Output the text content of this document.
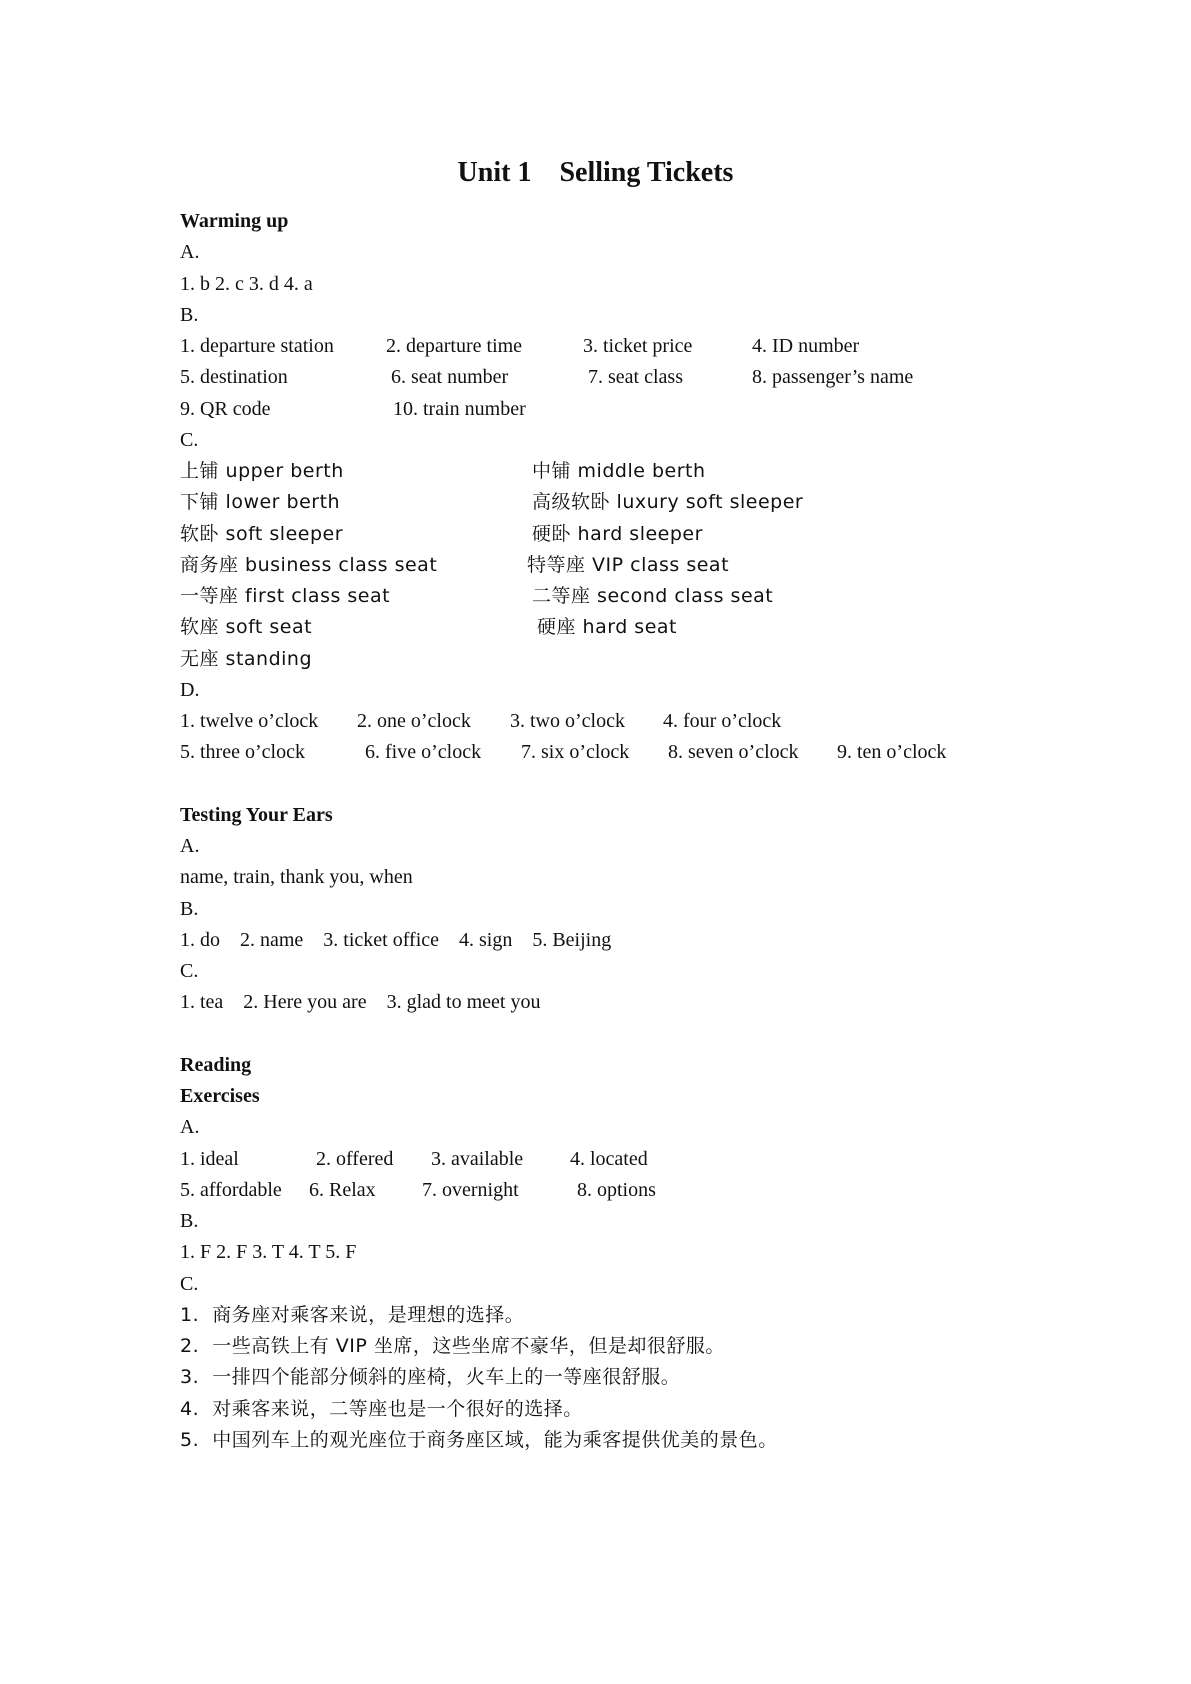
Unit 1    Selling Tickets
Warming up
A.
1. b 2. c 3. d 4. a
B.
1. departure station	2. departure time	3. ticket price	4. ID number
5. destination	6. seat number	7. seat class	8. passenger’s name
9. QR code	10. train number
C.
上铺 upper berth	中铺 middle berth
下铺 lower berth	高级软卧 luxury soft sleeper
软卧 soft sleeper	硬卧 hard sleeper
商务座 business class seat	特等座 VIP class seat
一等座 first class seat	二等座 second class seat
软座 soft seat	硬座 hard seat
无座 standing
D.
1. twelve o’clock 2. one o’clock 3. two o’clock 4. four o’clock
5. three o’clock	6. five o’clock 7. six o’clock 8. seven o’clock 9. ten o’clock
Testing Your Ears
A.
name, train, thank you, when
B.
1. do    2. name    3. ticket office    4. sign    5. Beijing
C.
1. tea    2. Here you are    3. glad to meet you
Reading
Exercises
A.
1. ideal	2. offered 3. available 4. located
5. affordable 6. Relax 7. overnight	8. options
B.
1. F 2. F 3. T 4. T 5. F
C.
1.  商务座对乘客来说，是理想的选择。
2.  一些高铁上有 VIP 坐席，这些坐席不豪华，但是却很舒服。
3.  一排四个能部分倾斜的座椅，火车上的一等座很舒服。
4.  对乘客来说，二等座也是一个很好的选择。
5.  中国列车上的观光座位于商务座区域，能为乘客提供优美的景色。
